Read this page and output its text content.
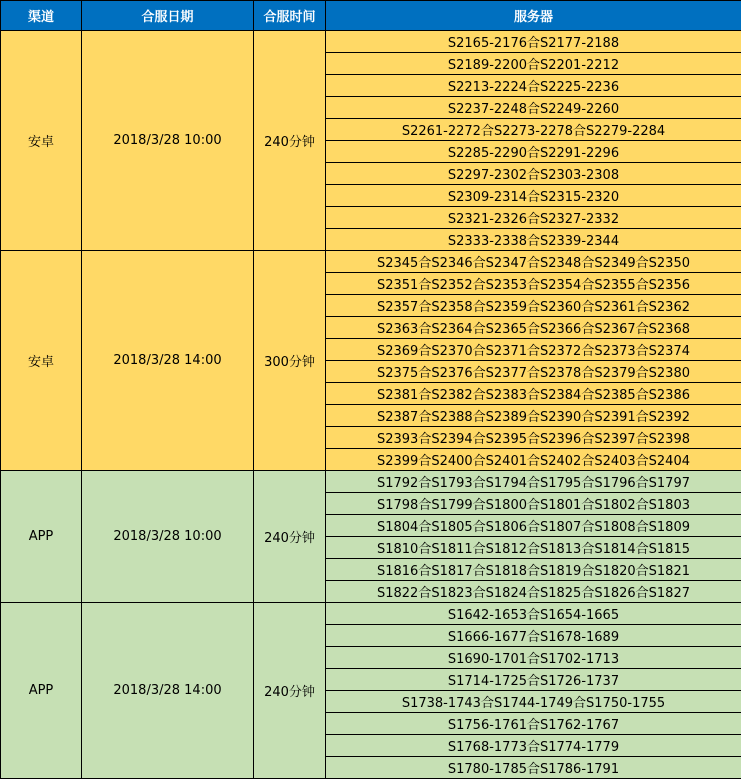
渠道	合服日期	合服时间	服务器
安卓	2018/3/28 10:00	240分钟	S2165-2176合S2177-2188
			S2189-2200合S2201-2212
			S2213-2224合S2225-2236
			S2237-2248合S2249-2260
			S2261-2272合S2273-2278合S2279-2284
			S2285-2290合S2291-2296
			S2297-2302合S2303-2308
			S2309-2314合S2315-2320
			S2321-2326合S2327-2332
			S2333-2338合S2339-2344
安卓	2018/3/28 14:00	300分钟	S2345合S2346合S2347合S2348合S2349合S2350
			S2351合S2352合S2353合S2354合S2355合S2356
			S2357合S2358合S2359合S2360合S2361合S2362
			S2363合S2364合S2365合S2366合S2367合S2368
			S2369合S2370合S2371合S2372合S2373合S2374
			S2375合S2376合S2377合S2378合S2379合S2380
			S2381合S2382合S2383合S2384合S2385合S2386
			S2387合S2388合S2389合S2390合S2391合S2392
			S2393合S2394合S2395合S2396合S2397合S2398
			S2399合S2400合S2401合S2402合S2403合S2404
APP	2018/3/28 10:00	240分钟	S1792合S1793合S1794合S1795合S1796合S1797
			S1798合S1799合S1800合S1801合S1802合S1803
			S1804合S1805合S1806合S1807合S1808合S1809
			S1810合S1811合S1812合S1813合S1814合S1815
			S1816合S1817合S1818合S1819合S1820合S1821
			S1822合S1823合S1824合S1825合S1826合S1827
APP	2018/3/28 14:00	240分钟	S1642-1653合S1654-1665
			S1666-1677合S1678-1689
			S1690-1701合S1702-1713
			S1714-1725合S1726-1737
			S1738-1743合S1744-1749合S1750-1755
			S1756-1761合S1762-1767
			S1768-1773合S1774-1779
			S1780-1785合S1786-1791
